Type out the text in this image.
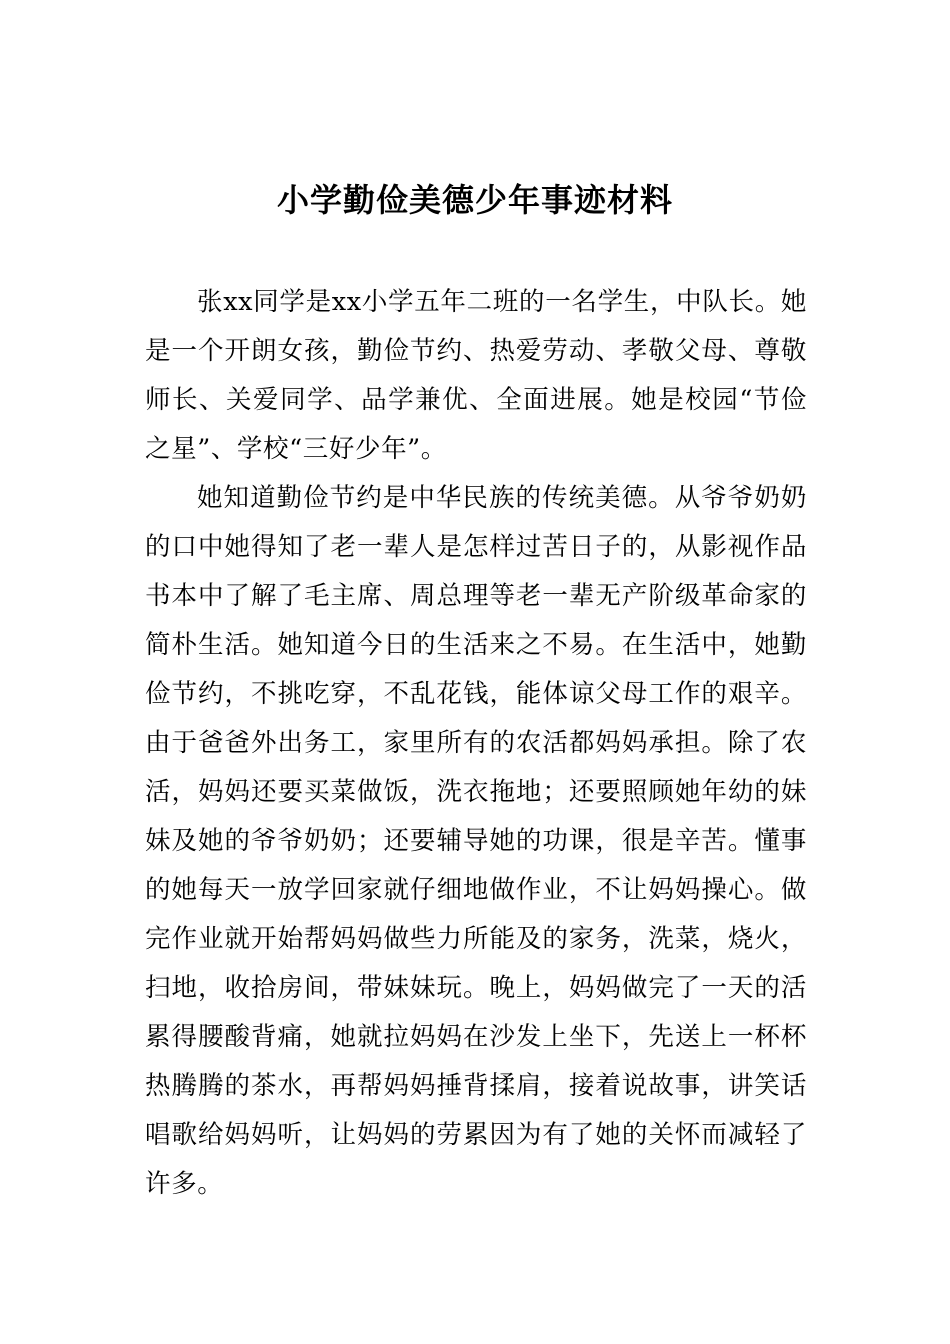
小学勤俭美德少年事迹材料

张xx同学是xx小学五年二班的一名学生，中队长。她是一个开朗女孩，勤俭节约、热爱劳动、孝敬父母、尊敬师长、关爱同学、品学兼优、全面进展。她是校园“节俭之星”、学校“三好少年”。

她知道勤俭节约是中华民族的传统美德。从爷爷奶奶的口中她得知了老一辈人是怎样过苦日子的，从影视作品书本中了解了毛主席、周总理等老一辈无产阶级革命家的简朴生活。她知道今日的生活来之不易。在生活中，她勤俭节约，不挑吃穿，不乱花钱，能体谅父母工作的艰辛。由于爸爸外出务工，家里所有的农活都妈妈承担。除了农活，妈妈还要买菜做饭，洗衣拖地；还要照顾她年幼的妹妹及她的爷爷奶奶；还要辅导她的功课，很是辛苦。懂事的她每天一放学回家就仔细地做作业，不让妈妈操心。做完作业就开始帮妈妈做些力所能及的家务，洗菜，烧火，扫地，收拾房间，带妹妹玩。晚上，妈妈做完了一天的活累得腰酸背痛，她就拉妈妈在沙发上坐下，先送上一杯杯热腾腾的茶水，再帮妈妈捶背揉肩，接着说故事，讲笑话唱歌给妈妈听，让妈妈的劳累因为有了她的关怀而减轻了许多。
